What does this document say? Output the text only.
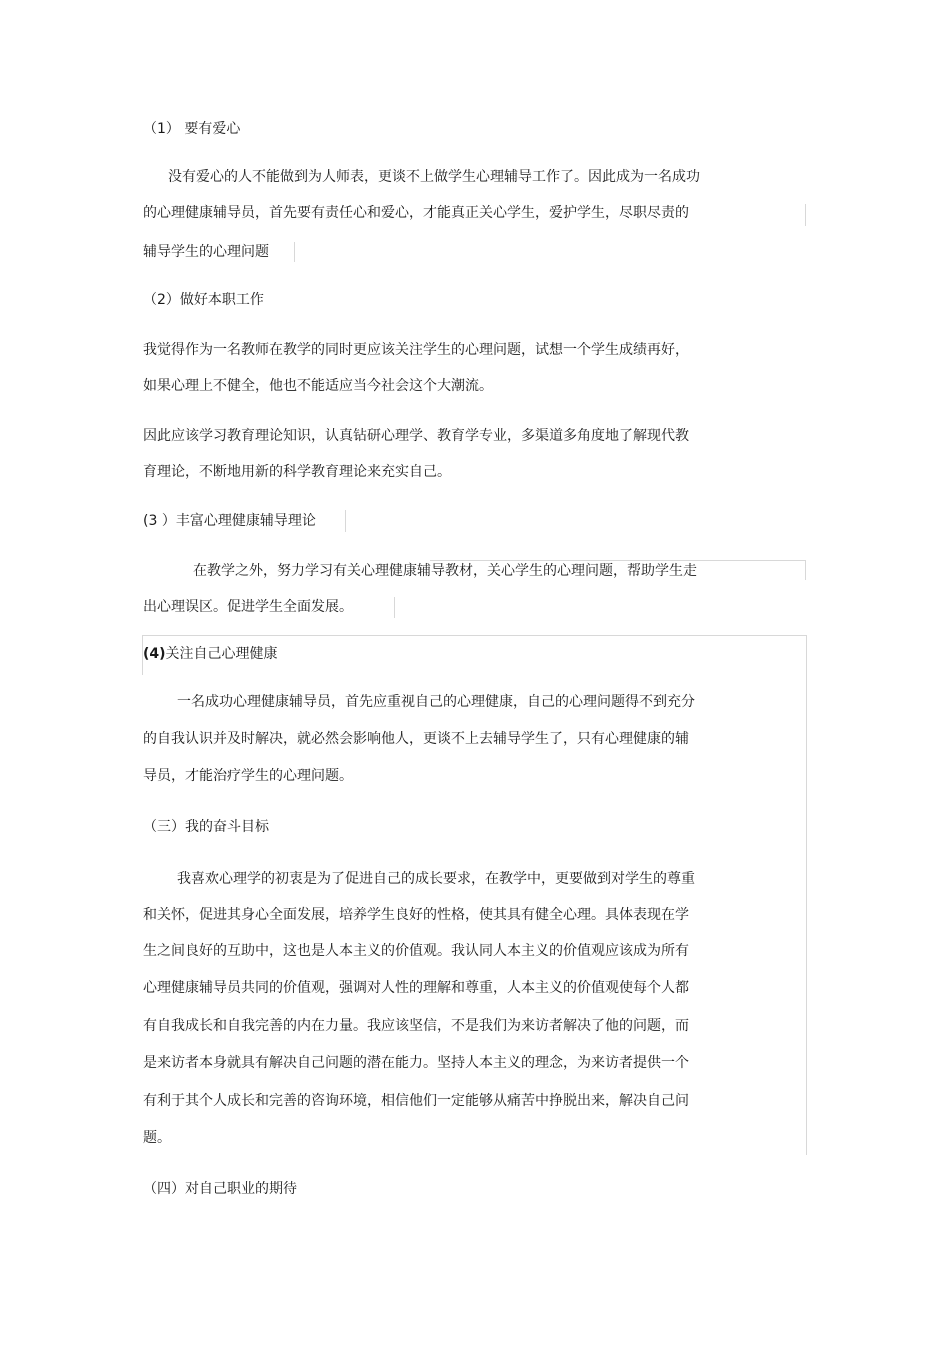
（1） 要有爱心
没有爱心的人不能做到为人师表，更谈不上做学生心理辅导工作了。因此成为一名成功
的心理健康辅导员，首先要有责任心和爱心，才能真正关心学生，爱护学生，尽职尽责的
辅导学生的心理问题
（2）做好本职工作
我觉得作为一名教师在教学的同时更应该关注学生的心理问题，试想一个学生成绩再好，
如果心理上不健全，他也不能适应当今社会这个大潮流。
因此应该学习教育理论知识，认真钻研心理学、教育学专业，多渠道多角度地了解现代教
育理论，不断地用新的科学教育理论来充实自己。
(3 ）丰富心理健康辅导理论
在教学之外，努力学习有关心理健康辅导教材，关心学生的心理问题，帮助学生走
出心理误区。促进学生全面发展。
(4)关注自己心理健康
一名成功心理健康辅导员，首先应重视自己的心理健康，自己的心理问题得不到充分
的自我认识并及时解决，就必然会影响他人，更谈不上去辅导学生了，只有心理健康的辅
导员，才能治疗学生的心理问题。
（三）我的奋斗目标
我喜欢心理学的初衷是为了促进自己的成长要求，在教学中，更要做到对学生的尊重
和关怀，促进其身心全面发展，培养学生良好的性格，使其具有健全心理。具体表现在学
生之间良好的互助中，这也是人本主义的价值观。我认同人本主义的价值观应该成为所有
心理健康辅导员共同的价值观，强调对人性的理解和尊重，人本主义的价值观使每个人都
有自我成长和自我完善的内在力量。我应该坚信，不是我们为来访者解决了他的问题，而
是来访者本身就具有解决自己问题的潜在能力。坚持人本主义的理念，为来访者提供一个
有利于其个人成长和完善的咨询环境，相信他们一定能够从痛苦中挣脱出来，解决自己问
题。
（四）对自己职业的期待
